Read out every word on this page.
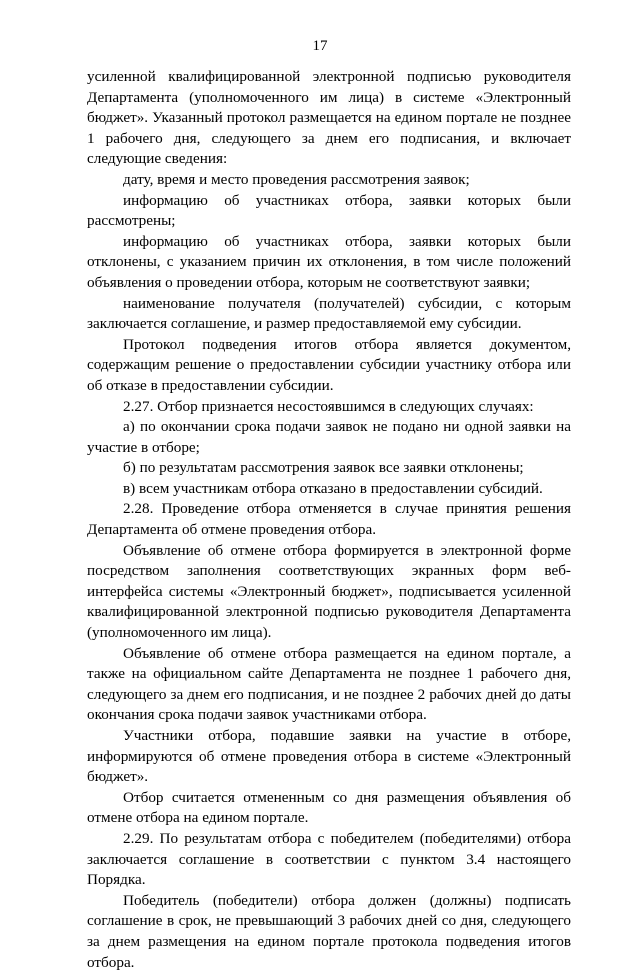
17

усиленной квалифицированной электронной подписью руководителя Департамента (уполномоченного им лица) в системе «Электронный бюджет». Указанный протокол размещается на едином портале не позднее 1 рабочего дня, следующего за днем его подписания, и включает следующие сведения:

дату, время и место проведения рассмотрения заявок;

информацию об участниках отбора, заявки которых были рассмотрены;

информацию об участниках отбора, заявки которых были отклонены, с указанием причин их отклонения, в том числе положений объявления о проведении отбора, которым не соответствуют заявки;

наименование получателя (получателей) субсидии, с которым заключается соглашение, и размер предоставляемой ему субсидии.

Протокол подведения итогов отбора является документом, содержащим решение о предоставлении субсидии участнику отбора или об отказе в предоставлении субсидии.

2.27. Отбор признается несостоявшимся в следующих случаях:

а) по окончании срока подачи заявок не подано ни одной заявки на участие в отборе;

б) по результатам рассмотрения заявок все заявки отклонены;

в) всем участникам отбора отказано в предоставлении субсидий.

2.28. Проведение отбора отменяется в случае принятия решения Департамента об отмене проведения отбора.

Объявление об отмене отбора формируется в электронной форме посредством заполнения соответствующих экранных форм веб-интерфейса системы «Электронный бюджет», подписывается усиленной квалифицированной электронной подписью руководителя Департамента (уполномоченного им лица).

Объявление об отмене отбора размещается на едином портале, а также на официальном сайте Департамента не позднее 1 рабочего дня, следующего за днем его подписания, и не позднее 2 рабочих дней до даты окончания срока подачи заявок участниками отбора.

Участники отбора, подавшие заявки на участие в отборе, информируются об отмене проведения отбора в системе «Электронный бюджет».

Отбор считается отмененным со дня размещения объявления об отмене отбора на едином портале.

2.29. По результатам отбора с победителем (победителями) отбора заключается соглашение в соответствии с пунктом 3.4 настоящего Порядка.

Победитель (победители) отбора должен (должны) подписать соглашение в срок, не превышающий 3 рабочих дней со дня, следующего за днем размещения на едином портале протокола подведения итогов отбора.
